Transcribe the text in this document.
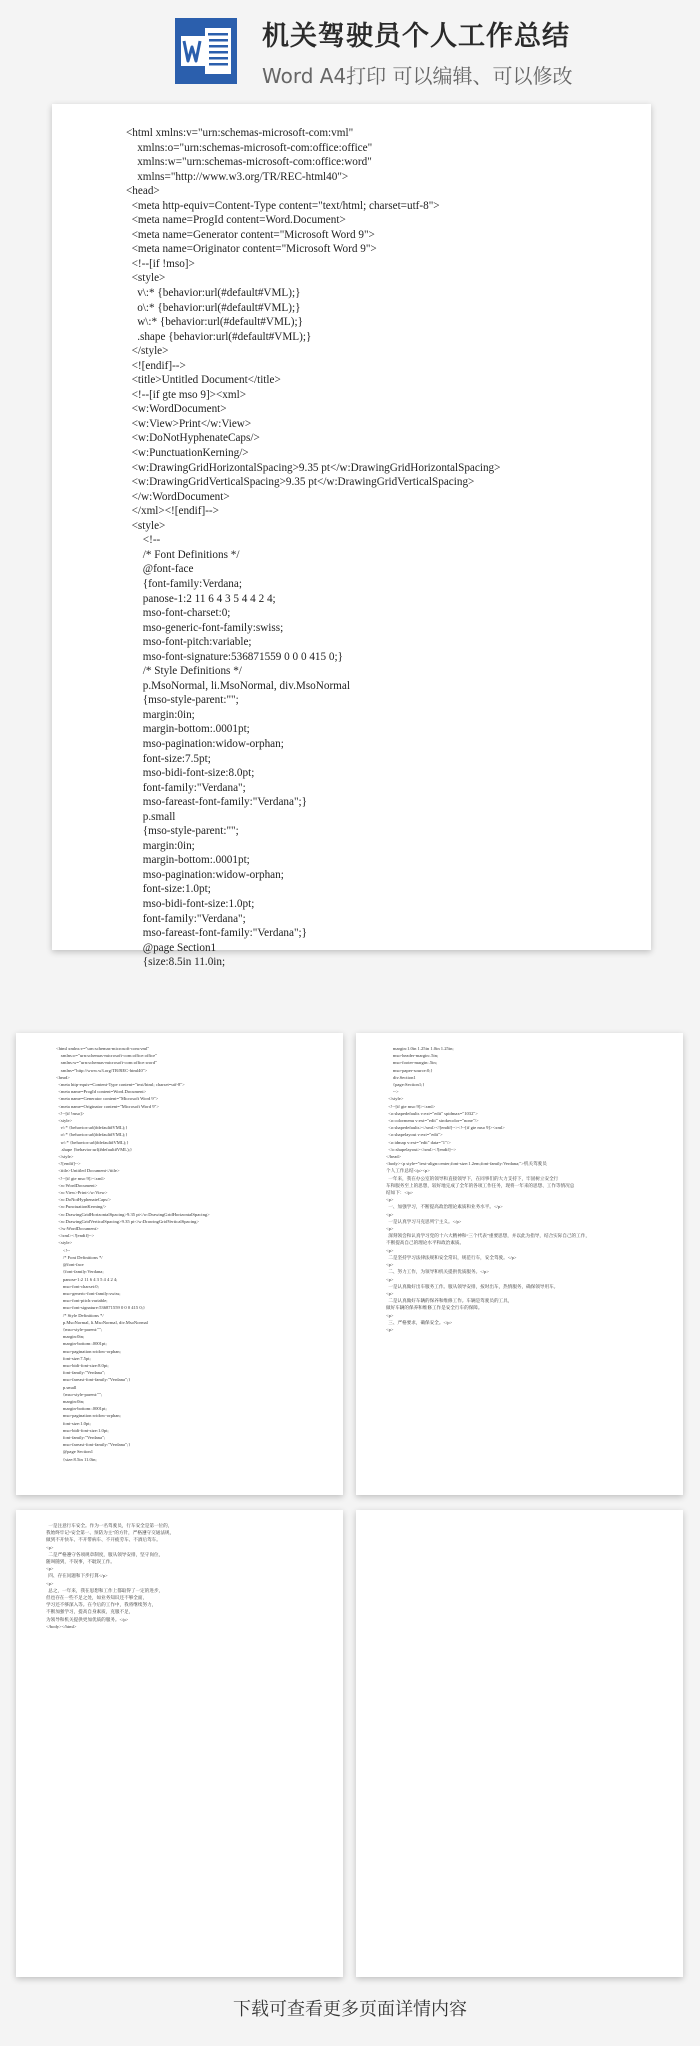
机关驾驶员个人工作总结
Word A4打印 可以编辑、可以修改
<html xmlns:v="urn:schemas-microsoft-com:vml"
xmlns:o="urn:schemas-microsoft-com:office:office"
xmlns:w="urn:schemas-microsoft-com:office:word"
xmlns="http://www.w3.org/TR/REC-html40">
<head>
<meta http-equiv=Content-Type content="text/html; charset=utf-8">
<meta name=ProgId content=Word.Document>
<meta name=Generator content="Microsoft Word 9">
<meta name=Originator content="Microsoft Word 9">
<!--[if !mso]>
<style>
v\:* {behavior:url(#default#VML);}
o\:* {behavior:url(#default#VML);}
w\:* {behavior:url(#default#VML);}
.shape {behavior:url(#default#VML);}
</style>
<![endif]-->
<title>Untitled Document</title>
<!--[if gte mso 9]><xml>
<w:WordDocument>
<w:View>Print</w:View>
<w:DoNotHyphenateCaps/>
<w:PunctuationKerning/>
<w:DrawingGridHorizontalSpacing>9.35 pt</w:DrawingGridHorizontalSpacing>
<w:DrawingGridVerticalSpacing>9.35 pt</w:DrawingGridVerticalSpacing>
</w:WordDocument>
</xml><![endif]-->
<style>
<!--
/* Font Definitions */
@font-face
{font-family:Verdana;
panose-1:2 11 6 4 3 5 4 4 2 4;
mso-font-charset:0;
mso-generic-font-family:swiss;
mso-font-pitch:variable;
mso-font-signature:536871559 0 0 0 415 0;}
/* Style Definitions */
p.MsoNormal, li.MsoNormal, div.MsoNormal
{mso-style-parent:"";
margin:0in;
margin-bottom:.0001pt;
mso-pagination:widow-orphan;
font-size:7.5pt;
mso-bidi-font-size:8.0pt;
font-family:"Verdana";
mso-fareast-font-family:"Verdana";}
p.small
{mso-style-parent:"";
margin:0in;
margin-bottom:.0001pt;
mso-pagination:widow-orphan;
font-size:1.0pt;
mso-bidi-font-size:1.0pt;
font-family:"Verdana";
mso-fareast-font-family:"Verdana";}
@page Section1
{size:8.5in 11.0in;
<html xmlns:v="urn:schemas-microsoft-com:vml"
xmlns:o="urn:schemas-microsoft-com:office:office"
xmlns:w="urn:schemas-microsoft-com:office:word"
xmlns="http://www.w3.org/TR/REC-html40">
<head>
<meta http-equiv=Content-Type content="text/html; charset=utf-8">
<meta name=ProgId content=Word.Document>
<meta name=Generator content="Microsoft Word 9">
<meta name=Originator content="Microsoft Word 9">
<!--[if !mso]>
<style>
v\:* {behavior:url(#default#VML);}
o\:* {behavior:url(#default#VML);}
w\:* {behavior:url(#default#VML);}
.shape {behavior:url(#default#VML);}
</style>
<![endif]-->
<title>Untitled Document</title>
<!--[if gte mso 9]><xml>
<w:WordDocument>
<w:View>Print</w:View>
<w:DoNotHyphenateCaps/>
<w:PunctuationKerning/>
<w:DrawingGridHorizontalSpacing>9.35 pt</w:DrawingGridHorizontalSpacing>
<w:DrawingGridVerticalSpacing>9.35 pt</w:DrawingGridVerticalSpacing>
</w:WordDocument>
</xml><![endif]-->
<style>
<!--
/* Font Definitions */
@font-face
{font-family:Verdana;
panose-1:2 11 6 4 3 5 4 4 2 4;
mso-font-charset:0;
mso-generic-font-family:swiss;
mso-font-pitch:variable;
mso-font-signature:536871559 0 0 0 415 0;}
/* Style Definitions */
p.MsoNormal, li.MsoNormal, div.MsoNormal
{mso-style-parent:"";
margin:0in;
margin-bottom:.0001pt;
mso-pagination:widow-orphan;
font-size:7.5pt;
mso-bidi-font-size:8.0pt;
font-family:"Verdana";
mso-fareast-font-family:"Verdana";}
p.small
{mso-style-parent:"";
margin:0in;
margin-bottom:.0001pt;
mso-pagination:widow-orphan;
font-size:1.0pt;
mso-bidi-font-size:1.0pt;
font-family:"Verdana";
mso-fareast-font-family:"Verdana";}
@page Section1
{size:8.5in 11.0in;
margin:1.0in 1.25in 1.0in 1.25in;
mso-header-margin:.5in;
mso-footer-margin:.5in;
mso-paper-source:0;}
div.Section1
{page:Section1;}
-->
</style>
<!--[if gte mso 9]><xml>
<o:shapedefaults v:ext="edit" spidmax="1032">
<o:colormenu v:ext="edit" strokecolor="none"/>
<o:shapedefaults></xml><![endif]--><!--[if gte mso 9]><xml>
<o:shapelayout v:ext="edit">
<o:idmap v:ext="edit" data="1"/>
</o:shapelayout></xml><![endif]-->
</head>
<body><p style="text-align:center;font-size:1.2em;font-family:Verdana;">机关驾驶员
个人工作总结</p><p>
一年来，我在办公室的领导和直接领导下，在同事们的大力支持下，牢固树立安全行
车和服务至上的思想，较好地完成了全年的各项工作任务，现将一年来的思想、工作等情况总
结如下：</p>
<p>
一、加强学习，不断提高政治理论素质和业务水平。</p>
<p>
一是认真学习马克思列宁主义。</p>
<p>
深刻领会和认真学习党的十六大精神和“三个代表”重要思想，并以此为指导，结合实际自己的工作，
不断提高自己的理论水平和政治素质。
<p>
二是坚持学习法律法规和安全常识，规范行车，安全驾驶。</p>
<p>
二、努力工作，为领导和机关提供优质服务。</p>
<p>
一是认真做好出车服务工作。服从领导安排，按时出车，热情服务，确保领导用车。
<p>
二是认真做好车辆的保养和维修工作。车辆是驾驶员的工具，
做好车辆的保养和维修工作是安全行车的保障。
<p>
三、严格要求，确保安全。</p>
<p>
一是注意行车安全。作为一名驾驶员，行车安全是第一位的，
我始终牢记“安全第一、预防为主”的方针，严格遵守交通法规，
做到不开快车、不开带病车、不开疲劳车、不酒后驾车。
<p>
二是严格遵守各项规章制度，服从领导安排，坚守岗位，
随叫随到，不误事，不耽误工作。
<p>
四、存在问题和下步打算</p>
<p>
总之，一年来，我在思想和工作上都取得了一定的进步，
但也存在一些不足之处，如业务知识还不够全面，
学习还不够深入等。在今后的工作中，我将继续努力，
不断加强学习，提高自身素质，克服不足，
为领导和机关提供更加优质的服务。</p>
</body></html>
下载可查看更多页面详情内容
